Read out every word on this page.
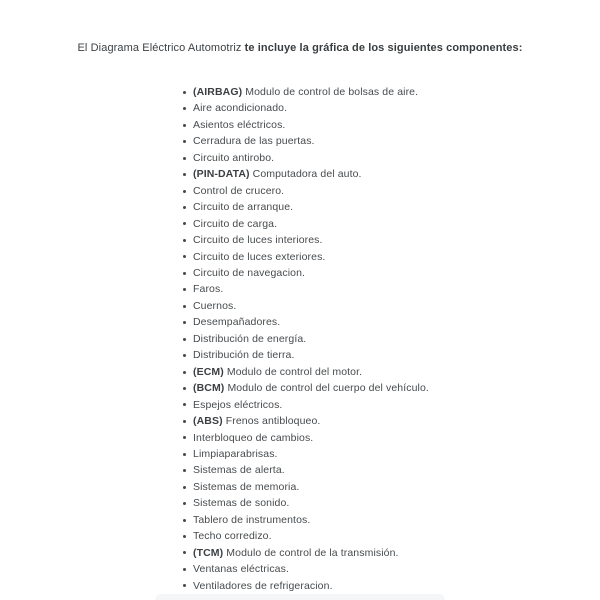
El Diagrama Eléctrico Automotriz te incluye la gráfica de los siguientes componentes:
(AIRBAG) Modulo de control de bolsas de aire.
Aire acondicionado.
Asientos eléctricos.
Cerradura de las puertas.
Circuito antirobo.
(PIN-DATA) Computadora del auto.
Control de crucero.
Circuito de arranque.
Circuito de carga.
Circuito de luces interiores.
Circuito de luces exteriores.
Circuito de navegacion.
Faros.
Cuernos.
Desempañadores.
Distribución de energía.
Distribución de tierra.
(ECM) Modulo de control del motor.
(BCM) Modulo de control del cuerpo del vehículo.
Espejos eléctricos.
(ABS) Frenos antibloqueo.
Interbloqueo de cambios.
Limpiaparabrisas.
Sistemas de alerta.
Sistemas de memoria.
Sistemas de sonido.
Tablero de instrumentos.
Techo corredizo.
(TCM) Modulo de control de la transmisión.
Ventanas eléctricas.
Ventiladores de refrigeracion.
